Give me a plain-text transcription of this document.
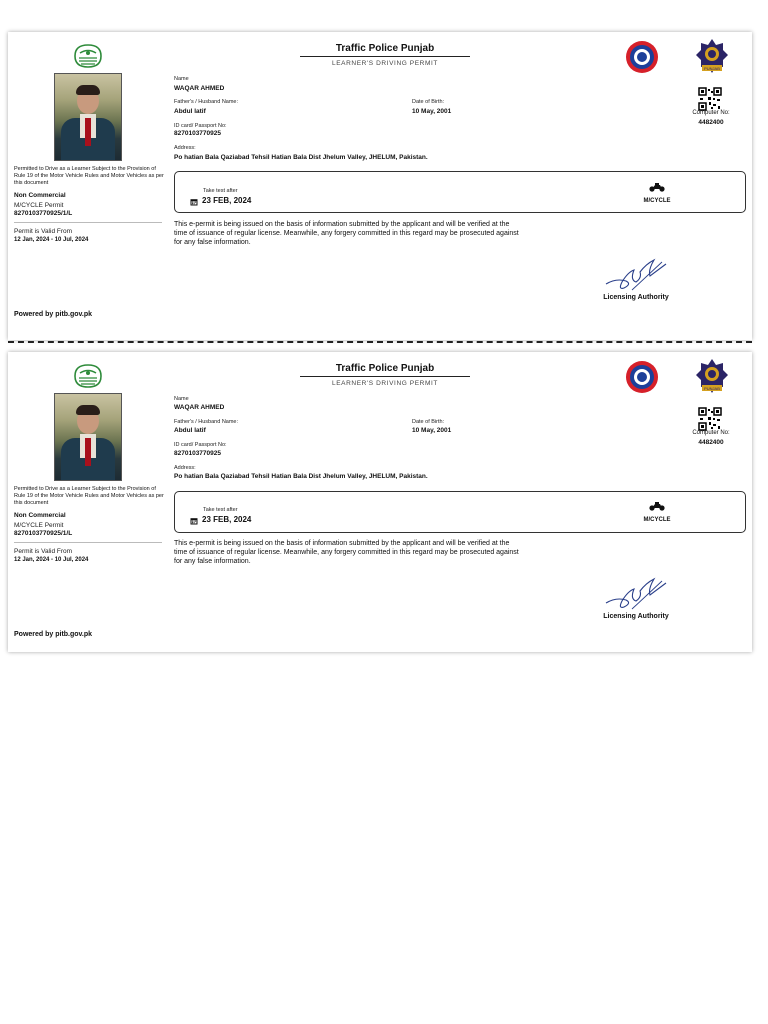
Permitted to Drive as a Learner Subject to the Provision of Rule 19 of the Motor Vehicle Rules and Motor Vehicles as per this document
Non Commercial
M/CYCLE Permit
8270103770925/1/L
Permit is Valid From
12 Jan, 2024 - 10 Jul, 2024
Traffic Police Punjab
LEARNER'S DRIVING PERMIT
PUNJAB
Computer No:
4482400
Name
WAQAR AHMED
Father's / Husband Name:
Abdul latif
Date of Birth:
10 May, 2001
ID card/ Passport No:
8270103770925
Address:
Po hatian Bala Qaziabad Tehsil Hatian Bala Dist Jhelum Valley, JHELUM, Pakistan.
Take test after
23 FEB, 2024	M/CYCLE
This e-permit is being issued on the basis of information submitted by the applicant and will be verified at the time of issuance of regular license. Meanwhile, any forgery committed in this regard may be prosecuted against for any false information.
Licensing Authority
Powered by pitb.gov.pk
Permitted to Drive as a Learner Subject to the Provision of Rule 19 of the Motor Vehicle Rules and Motor Vehicles as per this document
Non Commercial
M/CYCLE Permit
8270103770925/1/L
Permit is Valid From
12 Jan, 2024 - 10 Jul, 2024
Traffic Police Punjab
LEARNER'S DRIVING PERMIT
PUNJAB
Computer No:
4482400
Name
WAQAR AHMED
Father's / Husband Name:
Abdul latif
Date of Birth:
10 May, 2001
ID card/ Passport No:
8270103770925
Address:
Po hatian Bala Qaziabad Tehsil Hatian Bala Dist Jhelum Valley, JHELUM, Pakistan.
Take test after
23 FEB, 2024	M/CYCLE
This e-permit is being issued on the basis of information submitted by the applicant and will be verified at the time of issuance of regular license. Meanwhile, any forgery committed in this regard may be prosecuted against for any false information.
Licensing Authority
Powered by pitb.gov.pk
